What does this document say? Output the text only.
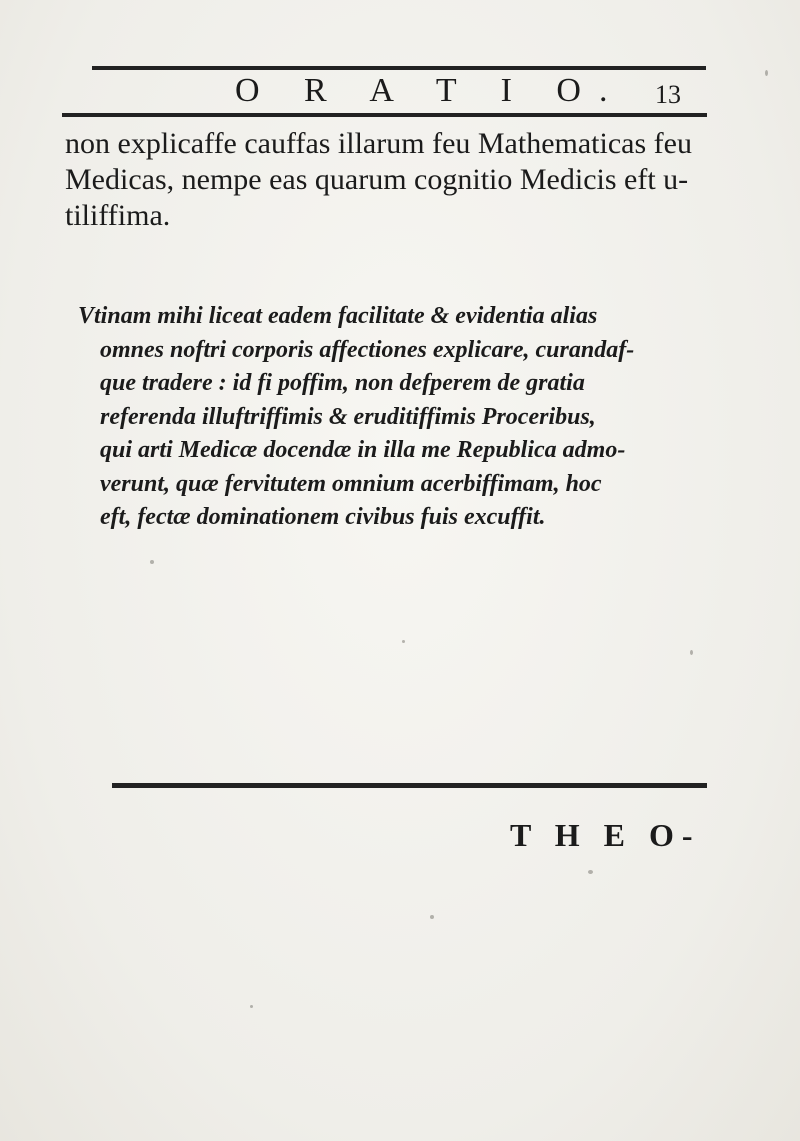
O R A T I O. 13

non explicaffe cauffas illarum feu Mathematicas feu
Medicas, nempe eas quarum cognitio Medicis eft u-
tiliffima.

Vtinam mihi liceat eadem facilitate & evidentia alias
omnes noftri corporis affectiones explicare, curandaf-
que tradere : id fi poffim, non defperem de gratia
referenda illuftriffimis & eruditiffimis Proceribus,
qui arti Medicæ docendæ in illa me Republica admo-
verunt, quæ fervitutem omnium acerbiffimam, hoc
eft, fectæ dominationem civibus fuis excuffit.

T H E O-
